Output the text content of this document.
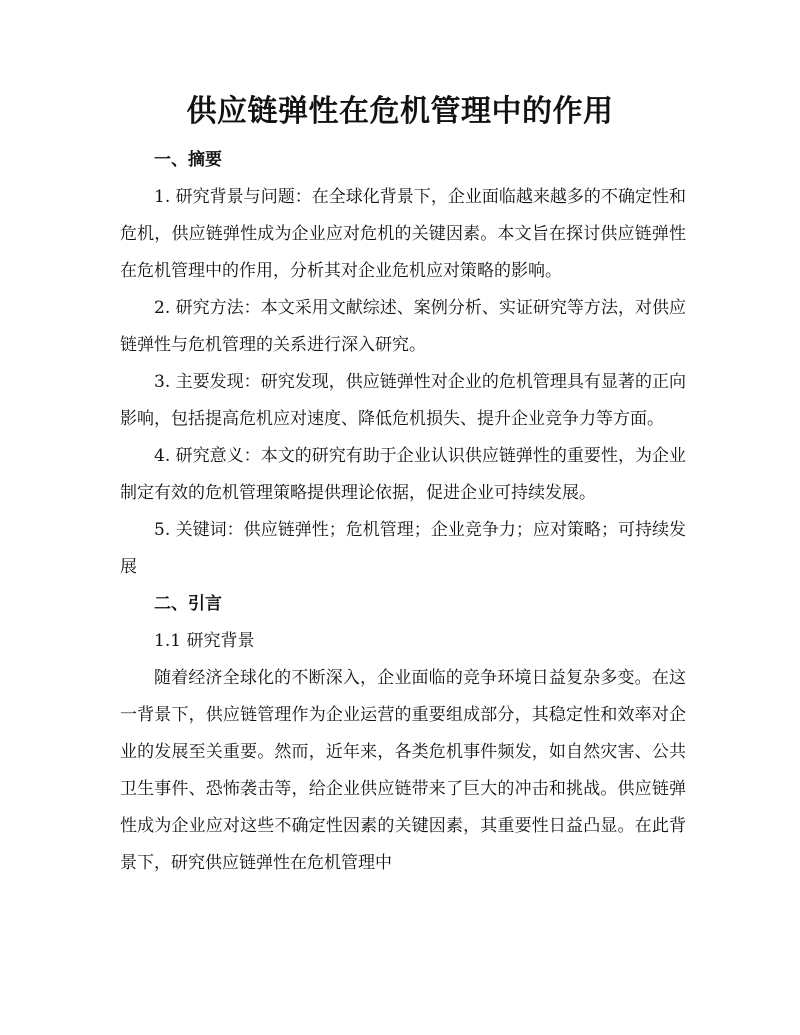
供应链弹性在危机管理中的作用

一、摘要

1. 研究背景与问题：在全球化背景下，企业面临越来越多的不确定性和危机，供应链弹性成为企业应对危机的关键因素。本文旨在探讨供应链弹性在危机管理中的作用，分析其对企业危机应对策略的影响。

2. 研究方法：本文采用文献综述、案例分析、实证研究等方法，对供应链弹性与危机管理的关系进行深入研究。

3. 主要发现：研究发现，供应链弹性对企业的危机管理具有显著的正向影响，包括提高危机应对速度、降低危机损失、提升企业竞争力等方面。

4. 研究意义：本文的研究有助于企业认识供应链弹性的重要性，为企业制定有效的危机管理策略提供理论依据，促进企业可持续发展。

5. 关键词：供应链弹性；危机管理；企业竞争力；应对策略；可持续发展

二、引言

1.1 研究背景

随着经济全球化的不断深入，企业面临的竞争环境日益复杂多变。在这一背景下，供应链管理作为企业运营的重要组成部分，其稳定性和效率对企业的发展至关重要。然而，近年来，各类危机事件频发，如自然灾害、公共卫生事件、恐怖袭击等，给企业供应链带来了巨大的冲击和挑战。供应链弹性成为企业应对这些不确定性因素的关键因素，其重要性日益凸显。在此背景下，研究供应链弹性在危机管理中
